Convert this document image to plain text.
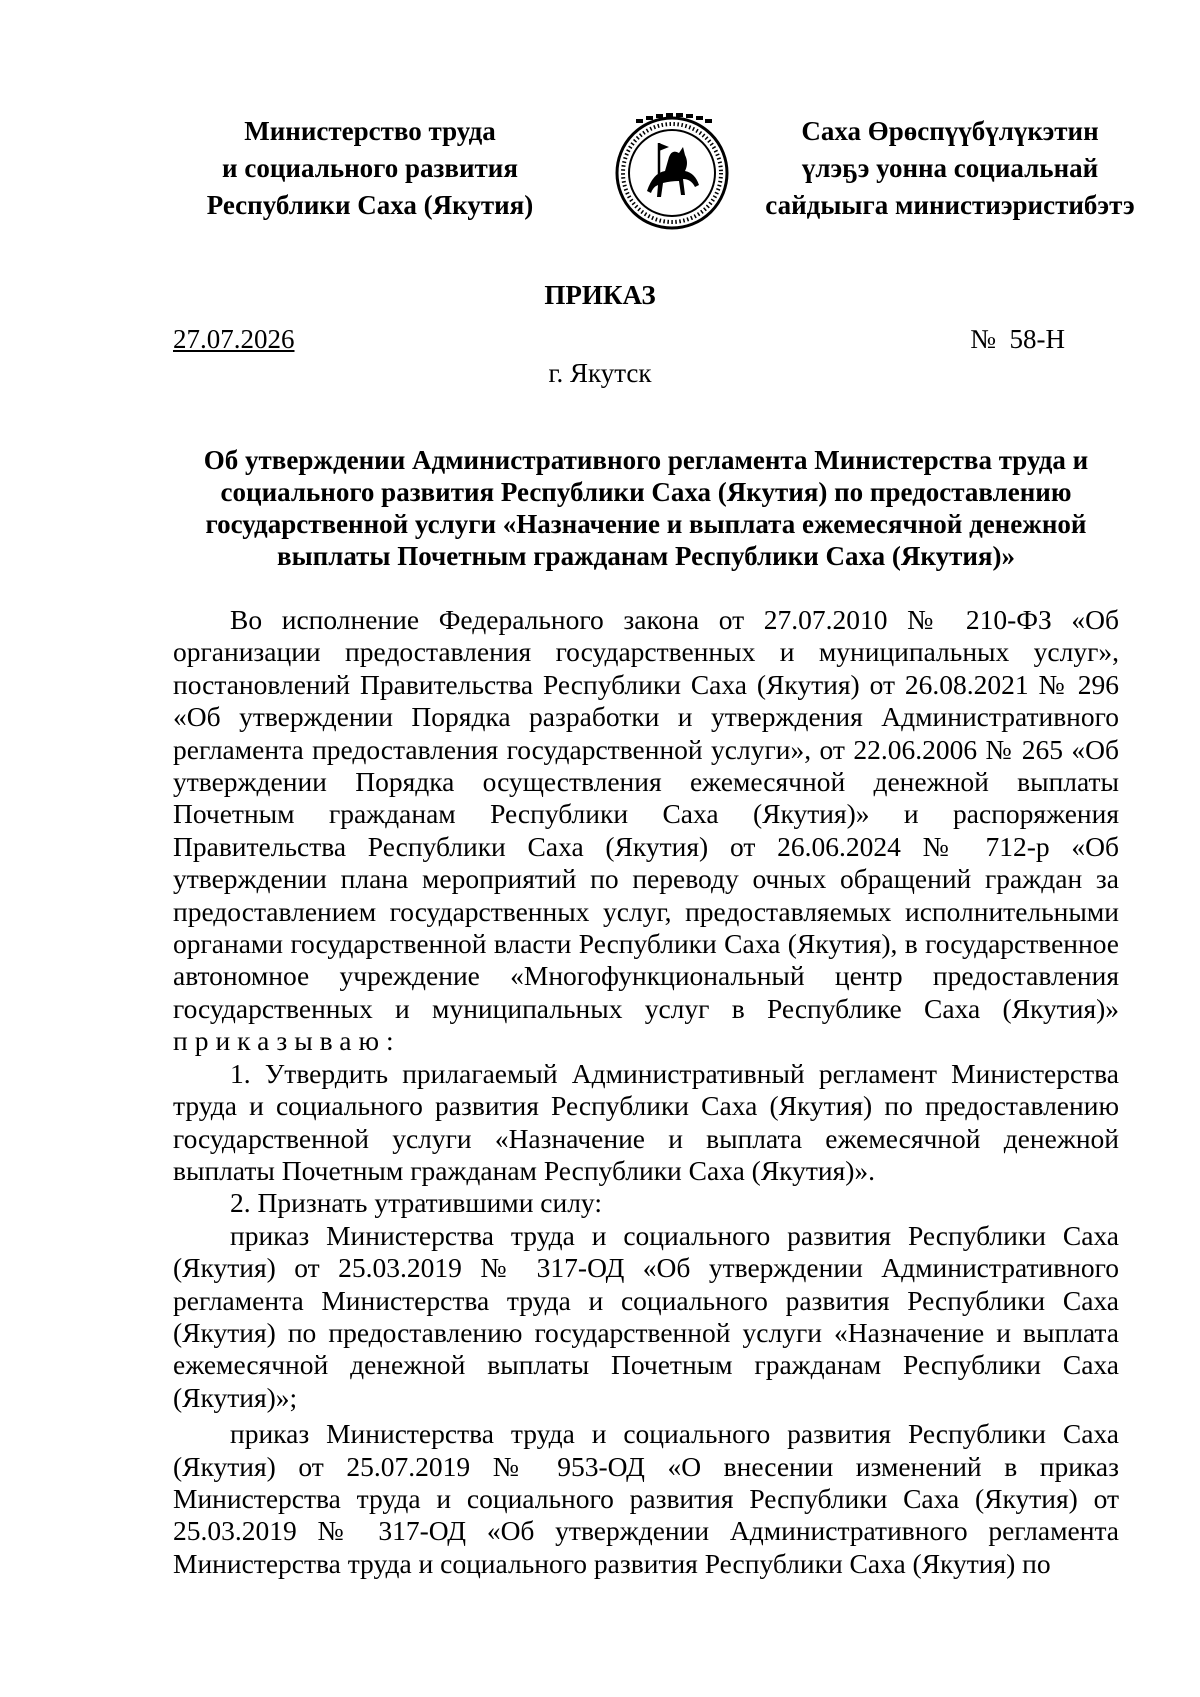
Министерство труда
и социального развития
Республики Саха (Якутия)
Саха Өрөспүүбүлүкэтин
үлэҕэ уонна социальнай
сайдыыга министиэристибэтэ
ПРИКАЗ
27.07.2026	№  58-Н
г. Якутск
Об утверждении Административного регламента Министерства труда и социального развития Республики Саха (Якутия) по предоставлению государственной услуги «Назначение и выплата ежемесячной денежной выплаты Почетным гражданам Республики Саха (Якутия)»

Во исполнение Федерального закона от 27.07.2010 № 210-ФЗ «Об организации предоставления государственных и муниципальных услуг», постановлений Правительства Республики Саха (Якутия) от 26.08.2021 № 296 «Об утверждении Порядка разработки и утверждения Административного регламента предоставления государственной услуги», от 22.06.2006 № 265 «Об утверждении Порядка осуществления ежемесячной денежной выплаты Почетным гражданам Республики Саха (Якутия)» и распоряжения Правительства Республики Саха (Якутия) от 26.06.2024 № 712-р «Об утверждении плана мероприятий по переводу очных обращений граждан за предоставлением государственных услуг, предоставляемых исполнительными органами государственной власти Республики Саха (Якутия), в государственное автономное учреждение «Многофункциональный центр предоставления государственных и муниципальных услуг в Республике Саха (Якутия)» приказываю:

1. Утвердить прилагаемый Административный регламент Министерства труда и социального развития Республики Саха (Якутия) по предоставлению государственной услуги «Назначение и выплата ежемесячной денежной выплаты Почетным гражданам Республики Саха (Якутия)».

2. Признать утратившими силу:

приказ Министерства труда и социального развития Республики Саха (Якутия) от 25.03.2019 № 317-ОД «Об утверждении Административного регламента Министерства труда и социального развития Республики Саха (Якутия) по предоставлению государственной услуги «Назначение и выплата ежемесячной денежной выплаты Почетным гражданам Республики Саха (Якутия)»;

приказ Министерства труда и социального развития Республики Саха (Якутия) от 25.07.2019 № 953-ОД «О внесении изменений в приказ Министерства труда и социального развития Республики Саха (Якутия) от 25.03.2019 № 317-ОД «Об утверждении Административного регламента Министерства труда и социального развития Республики Саха (Якутия) по
